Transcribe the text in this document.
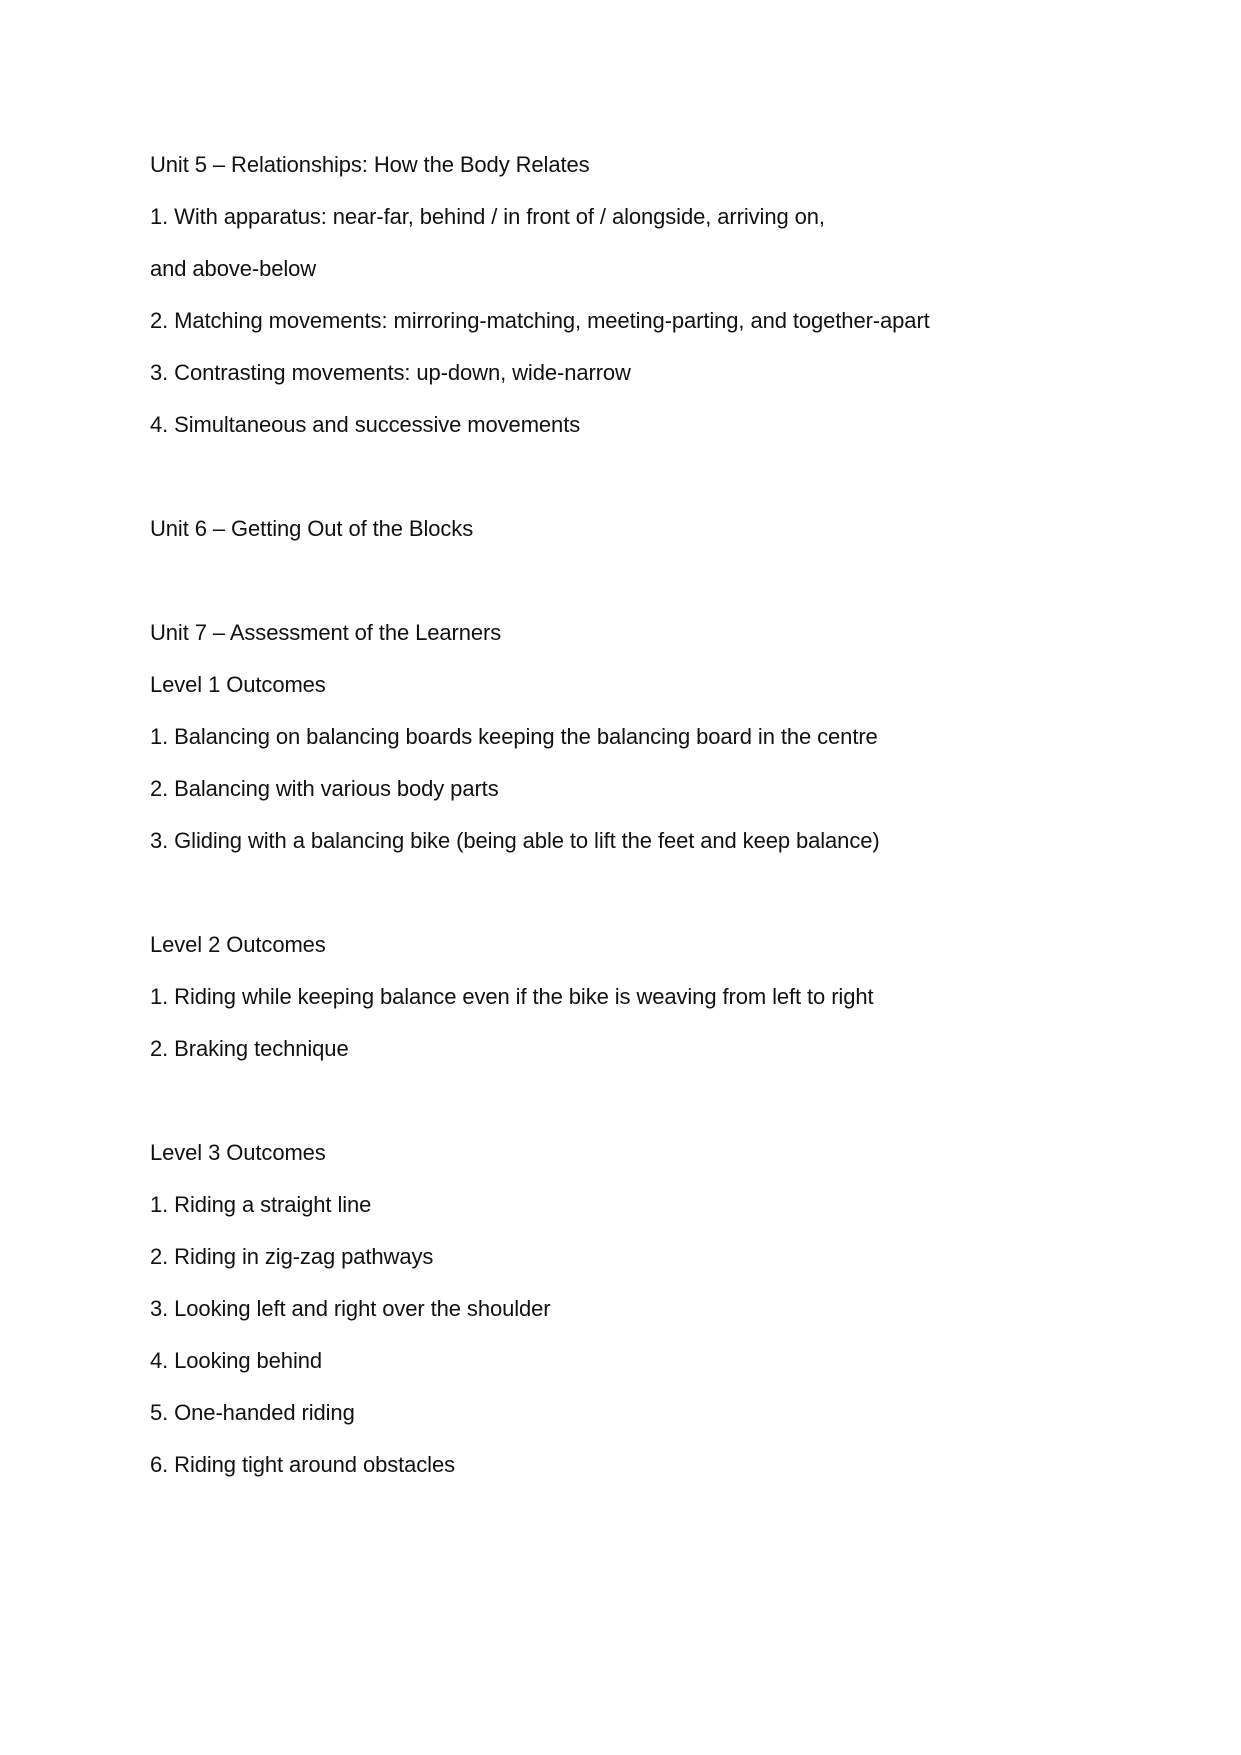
Unit 5 – Relationships: How the Body Relates
1. With apparatus: near-far, behind / in front of / alongside, arriving on,
and above-below
2. Matching movements: mirroring-matching, meeting-parting, and together-apart
3. Contrasting movements: up-down, wide-narrow
4. Simultaneous and successive movements
Unit 6 – Getting Out of the Blocks
Unit 7 – Assessment of the Learners
Level 1 Outcomes
1. Balancing on balancing boards keeping the balancing board in the centre
2. Balancing with various body parts
3. Gliding with a balancing bike (being able to lift the feet and keep balance)
Level 2 Outcomes
1. Riding while keeping balance even if the bike is weaving from left to right
2. Braking technique
Level 3 Outcomes
1. Riding a straight line
2. Riding in zig-zag pathways
3. Looking left and right over the shoulder
4. Looking behind
5. One-handed riding
6. Riding tight around obstacles
